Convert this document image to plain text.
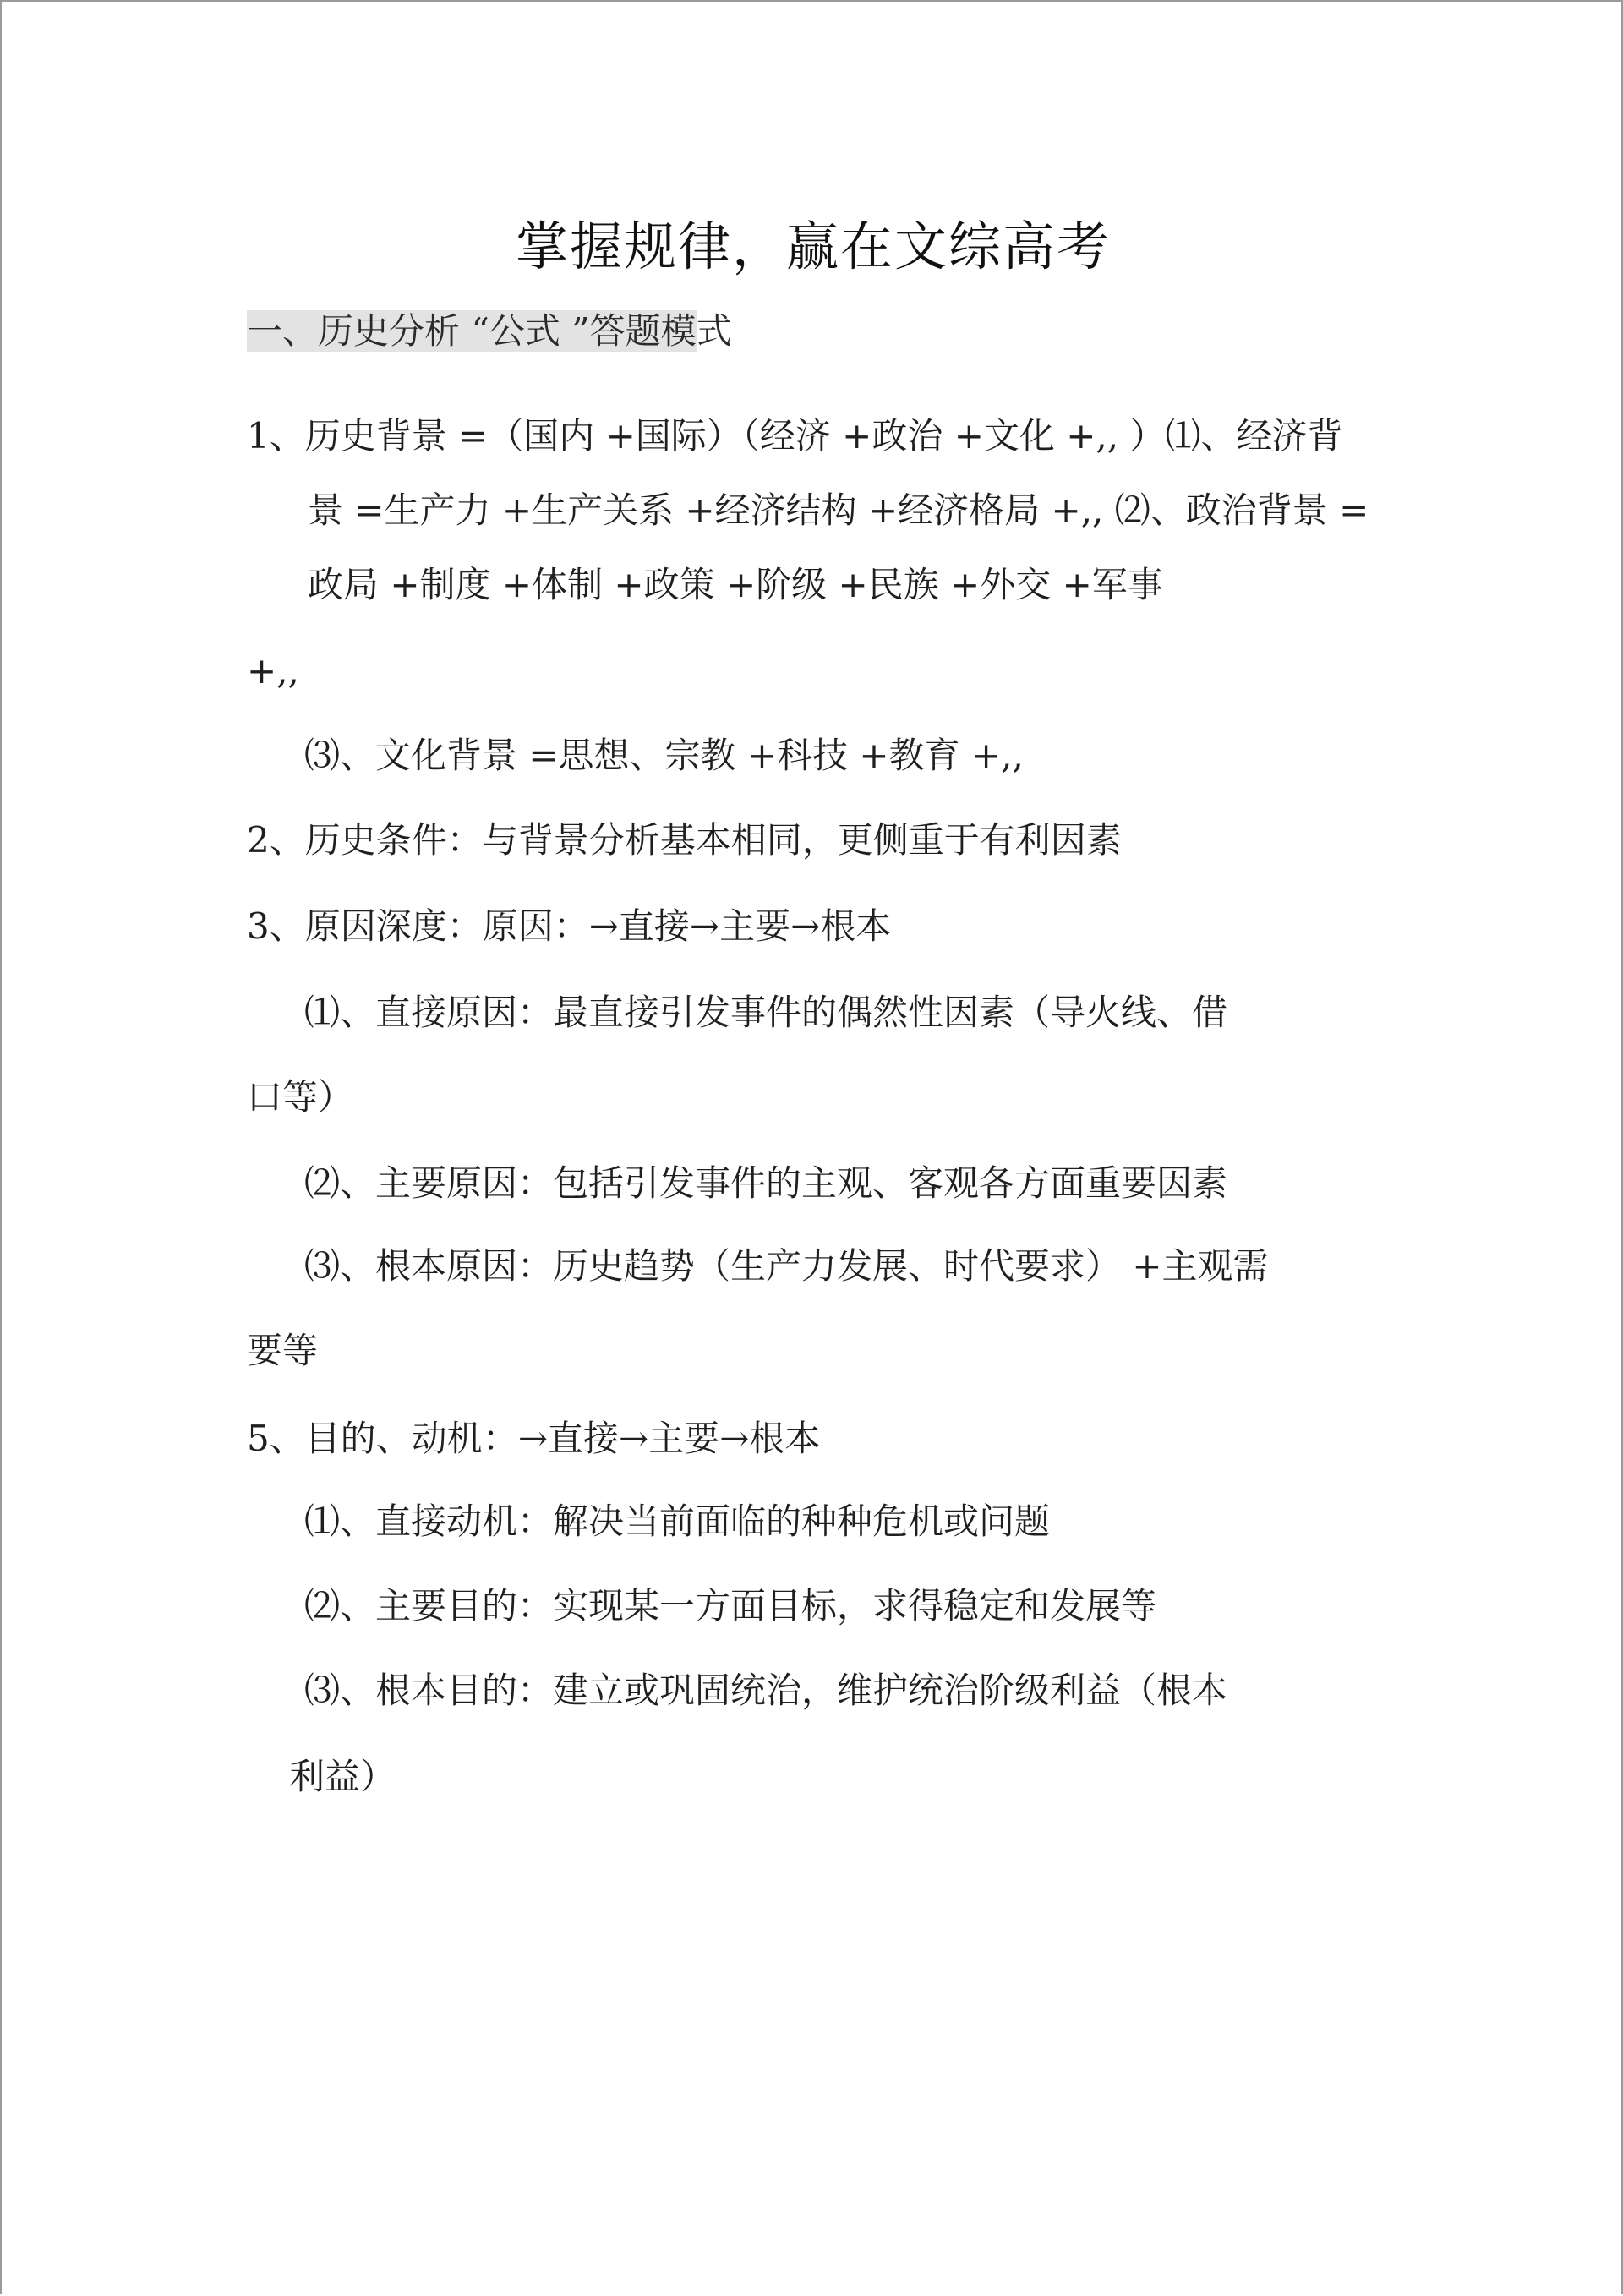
掌握规律，赢在文综高考
一、历史分析 “公式 ”答题模式
1、历史背景 =（国内 +国际）（经济 +政治 +文化 +,, ）⑴、经济背
景 =生产力 +生产关系 +经济结构 +经济格局 +,, ⑵、政治背景 =
政局 +制度 +体制 +政策 +阶级 +民族 +外交 +军事
+,,
⑶、文化背景 =思想、宗教 +科技 +教育 +,,
2、历史条件：与背景分析基本相同，更侧重于有利因素
3、原因深度：原因：→直接→主要→根本
⑴、直接原因：最直接引发事件的偶然性因素（导火线、借
口等）
⑵、主要原因：包括引发事件的主观、客观各方面重要因素
⑶、根本原因：历史趋势（生产力发展、时代要求） +主观需
要等
5、目的、动机：→直接→主要→根本
⑴、直接动机：解决当前面临的种种危机或问题
⑵、主要目的：实现某一方面目标，求得稳定和发展等
⑶、根本目的：建立或巩固统治，维护统治阶级利益（根本
利益）
